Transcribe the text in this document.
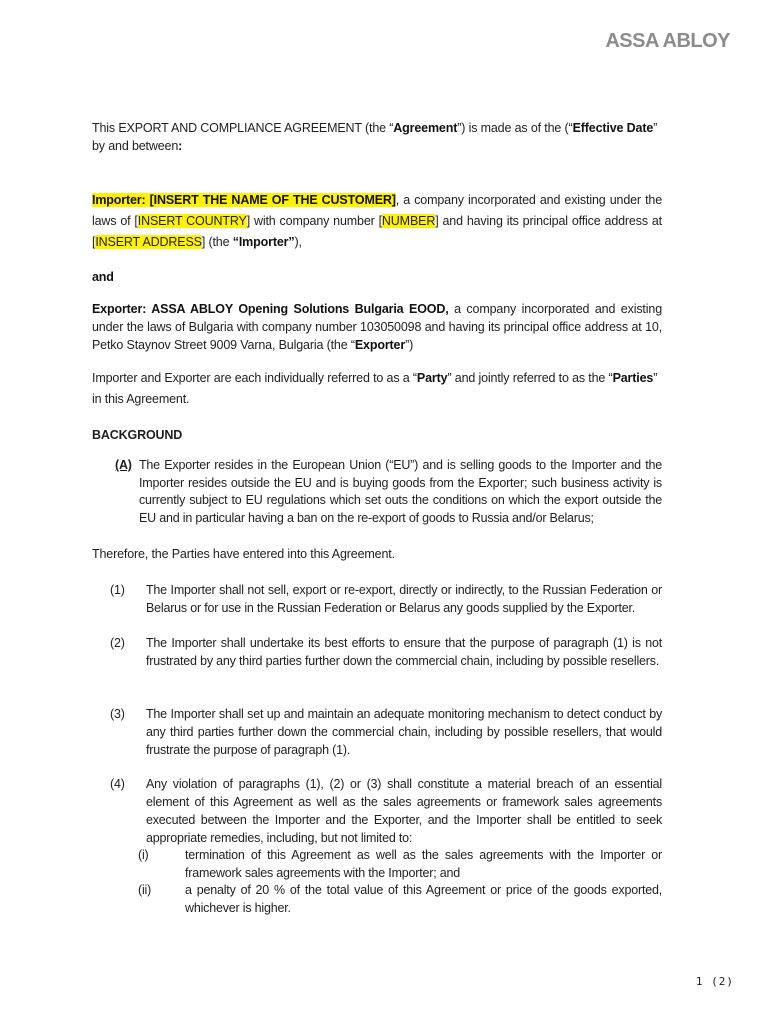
ASSA ABLOY
This EXPORT AND COMPLIANCE AGREEMENT (the “Agreement”) is made as of the (“Effective Date” by and between:
Importer: [INSERT THE NAME OF THE CUSTOMER], a company incorporated and existing under the laws of [INSERT COUNTRY] with company number [NUMBER] and having its principal office address at [INSERT ADDRESS] (the “Importer”),
and
Exporter: ASSA ABLOY Opening Solutions Bulgaria EOOD, a company incorporated and existing under the laws of Bulgaria with company number 103050098 and having its principal office address at 10, Petko Staynov Street 9009 Varna, Bulgaria (the “Exporter”)
Importer and Exporter are each individually referred to as a “Party” and jointly referred to as the “Parties” in this Agreement.
BACKGROUND
(A) The Exporter resides in the European Union (“EU”) and is selling goods to the Importer and the Importer resides outside the EU and is buying goods from the Exporter; such business activity is currently subject to EU regulations which set outs the conditions on which the export outside the EU and in particular having a ban on the re-export of goods to Russia and/or Belarus;
Therefore, the Parties have entered into this Agreement.
(1) The Importer shall not sell, export or re-export, directly or indirectly, to the Russian Federation or Belarus or for use in the Russian Federation or Belarus any goods supplied by the Exporter.
(2) The Importer shall undertake its best efforts to ensure that the purpose of paragraph (1) is not frustrated by any third parties further down the commercial chain, including by possible resellers.
(3) The Importer shall set up and maintain an adequate monitoring mechanism to detect conduct by any third parties further down the commercial chain, including by possible resellers, that would frustrate the purpose of paragraph (1).
(4) Any violation of paragraphs (1), (2) or (3) shall constitute a material breach of an essential element of this Agreement as well as the sales agreements or framework sales agreements executed between the Importer and the Exporter, and the Importer shall be entitled to seek appropriate remedies, including, but not limited to:
(i)	termination of this Agreement as well as the sales agreements with the Importer or framework sales agreements with the Importer; and
(ii)	a penalty of 20 % of the total value of this Agreement or price of the goods exported, whichever is higher.
1 (2)
